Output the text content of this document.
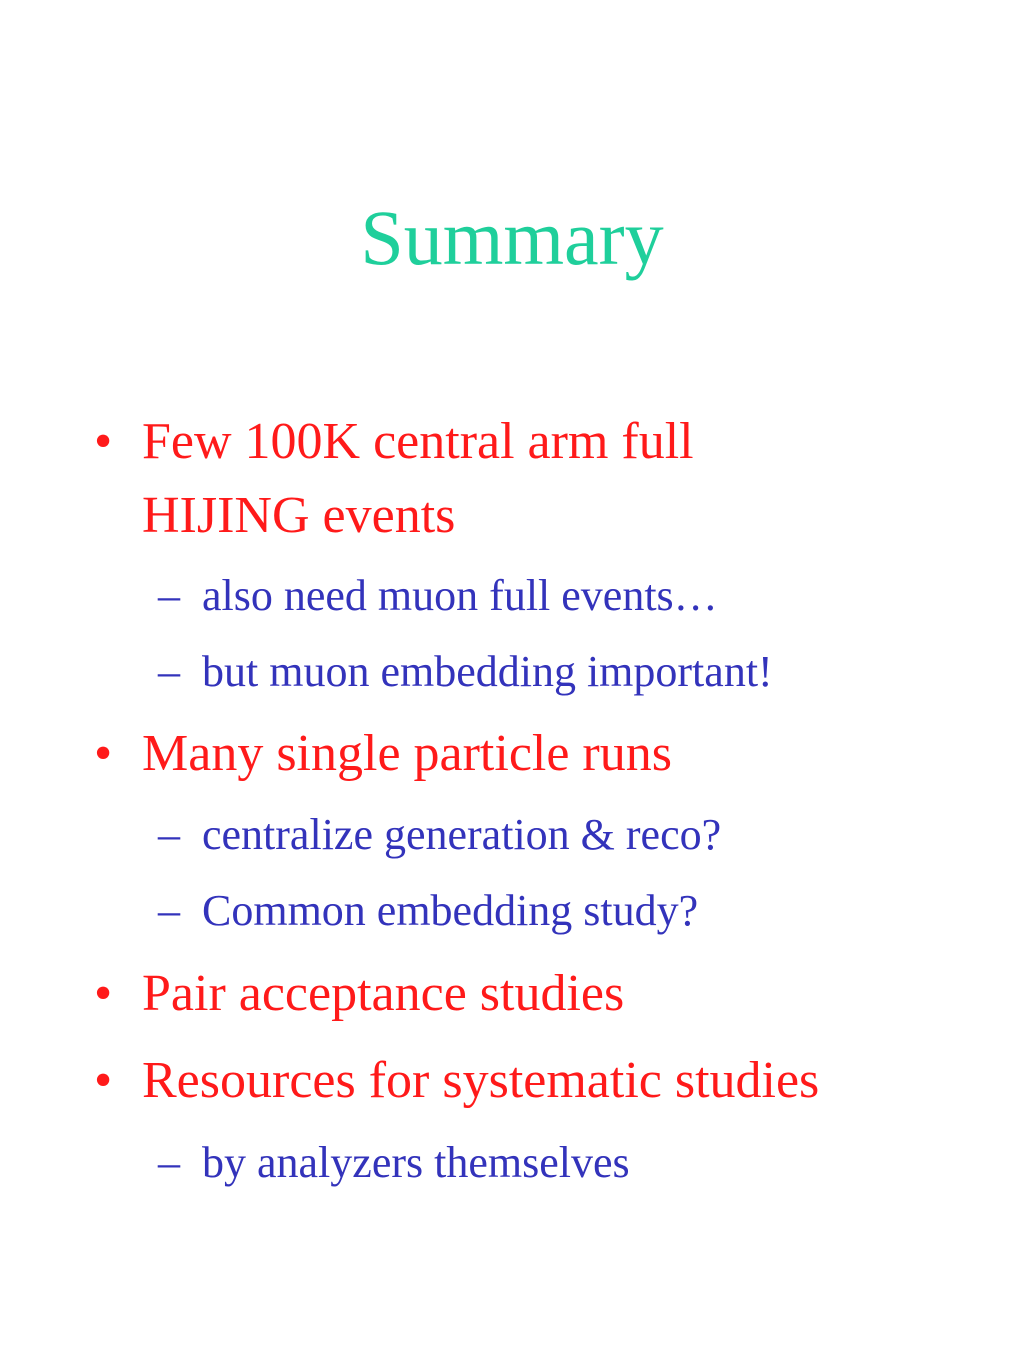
Summary
• Few 100K central arm full
HIJING events
– also need muon full events…
– but muon embedding important!
• Many single particle runs
– centralize generation & reco?
– Common embedding study?
• Pair acceptance studies
• Resources for systematic studies
– by analyzers themselves
